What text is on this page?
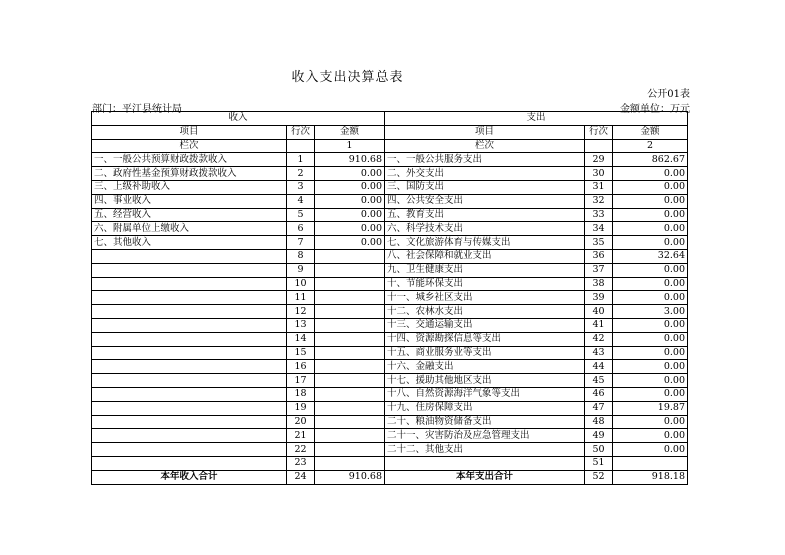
收入支出决算总表
公开01表
部门：平江县统计局	金额单位：万元
收入			支出		
项目	行次	金额	项目	行次	金额
栏次		1	栏次		2
一、一般公共预算财政拨款收入	1	910.68	一、一般公共服务支出	29	862.67
二、政府性基金预算财政拨款收入	2	0.00	二、外交支出	30	0.00
三、上级补助收入	3	0.00	三、国防支出	31	0.00
四、事业收入	4	0.00	四、公共安全支出	32	0.00
五、经营收入	5	0.00	五、教育支出	33	0.00
六、附属单位上缴收入	6	0.00	六、科学技术支出	34	0.00
七、其他收入	7	0.00	七、文化旅游体育与传媒支出	35	0.00
	8		八、社会保障和就业支出	36	32.64
	9		九、卫生健康支出	37	0.00
	10		十、节能环保支出	38	0.00
	11		十一、城乡社区支出	39	0.00
	12		十二、农林水支出	40	3.00
	13		十三、交通运输支出	41	0.00
	14		十四、资源勘探信息等支出	42	0.00
	15		十五、商业服务业等支出	43	0.00
	16		十六、金融支出	44	0.00
	17		十七、援助其他地区支出	45	0.00
	18		十八、自然资源海洋气象等支出	46	0.00
	19		十九、住房保障支出	47	19.87
	20		二十、粮油物资储备支出	48	0.00
	21		二十一、灾害防治及应急管理支出	49	0.00
	22		二十二、其他支出	50	0.00
	23			51	
本年收入合计	24	910.68	本年支出合计	52	918.18
